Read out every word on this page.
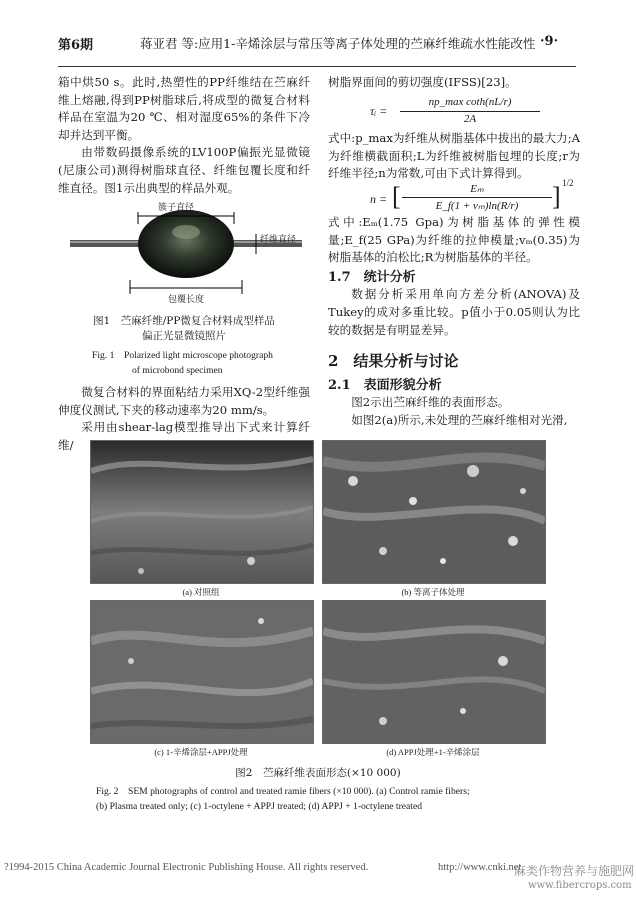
第6期	蒋亚君 等:应用1-辛烯涂层与常压等离子体处理的苎麻纤维疏水性能改性 ·9·

箱中烘50 s。此时,热塑性的PP纤维结在苎麻纤维上熔融,得到PP树脂球后,将成型的微复合材料样品在室温为20 ℃、相对湿度65%的条件下冷却并达到平衡。

由带数码摄像系统的LV100P偏振光显微镜(尼康公司)测得树脂球直径、纤维包覆长度和纤维直径。图1示出典型的样品外观。

簇子直径
纤维直径
包覆长度
图1　苎麻纤维/PP微复合材料成型样品
偏正光显微镜照片
Fig. 1　Polarized light microscope photograph
of microbond specimen

微复合材料的界面粘结力采用XQ-2型纤维强伸度仪测试,下夹的移动速率为20 mm/s。

采用由shear-lag模型推导出下式来计算纤维/

树脂界面间的剪切强度(IFSS)[23]。

τᵢ =
np_max coth(nL/r)
2A

式中:p_max为纤维从树脂基体中拔出的最大力;A为纤维横截面积;L为纤维被树脂包埋的长度;r为纤维半径;n为常数,可由下式计算得到。

n = [	Eₘ
E_f(1 + vₘ)ln(R/r)	] 1/2

式中:Eₘ(1.75 Gpa)为树脂基体的弹性模量;E_f(25 GPa)为纤维的拉伸模量;vₘ(0.35)为树脂基体的泊松比;R为树脂基体的半径。

1.7　统计分析

数据分析采用单向方差分析(ANOVA)及Tukey的成对多重比较。p值小于0.05则认为比较的数据是有明显差异。

2　结果分析与讨论

2.1　表面形貌分析

图2示出苎麻纤维的表面形态。

如图2(a)所示,未处理的苎麻纤维相对光滑,

(a) 对照组	(b) 等离子体处理
(c) 1-辛烯涂层+APPJ处理	(d) APPJ处理+1-辛烯涂层
图2　苎麻纤维表面形态(×10 000)
Fig. 2　SEM photographs of control and treated ramie fibers (×10 000). (a) Control ramie fibers;
(b) Plasma treated only; (c) 1-octylene + APPJ treated; (d) APPJ + 1-octylene treated
?1994-2015 China Academic Journal Electronic Publishing House. All rights reserved.	http://www.cnki.net
麻类作物营养与施肥网
www.fibercrops.com
